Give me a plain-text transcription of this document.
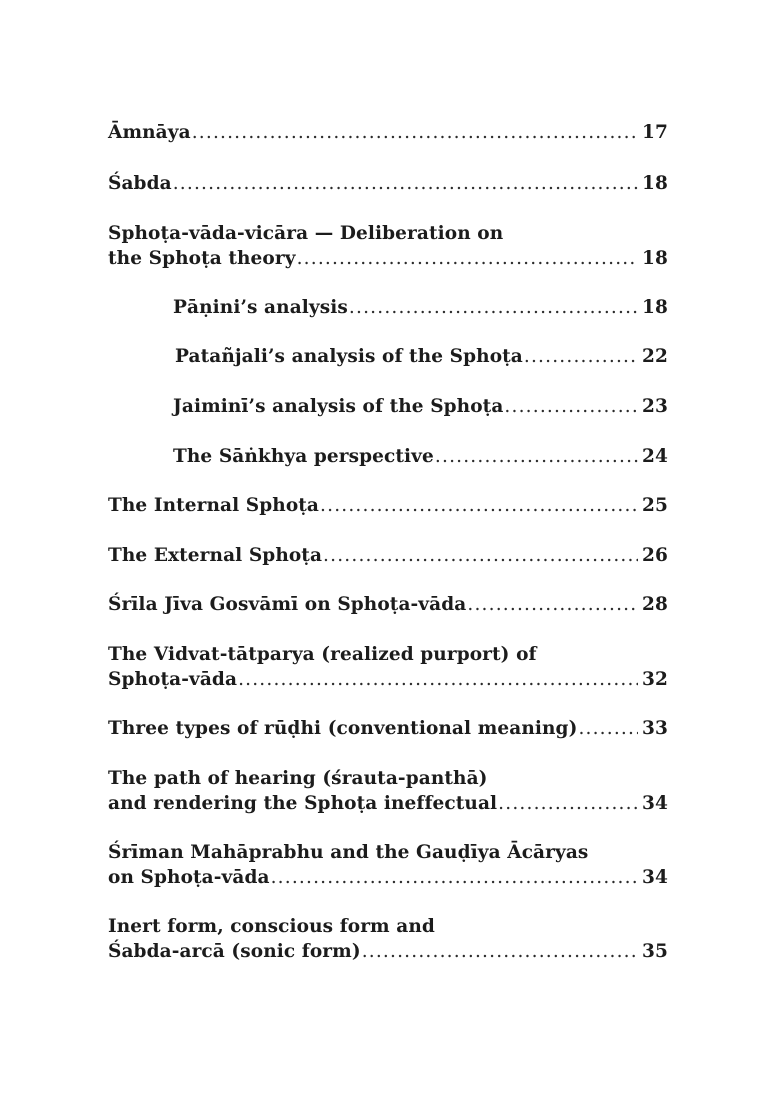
Āmnāya .....	17
Śabda .....	18
Sphoṭa-vāda-vicāra — Deliberation on
the Sphoṭa theory .....	18
Pāṇini’s analysis .....	18
Patañjali’s analysis of the Sphoṭa .....	22
Jaiminī’s analysis of the Sphoṭa .....	23
The Sāṅkhya perspective .....	24
The Internal Sphoṭa .....	25
The External Sphoṭa .....	26
Śrīla Jīva Gosvāmī on Sphoṭa-vāda .....	28
The Vidvat-tātparya (realized purport) of
Sphoṭa-vāda .....	32
Three types of rūḍhi (conventional meaning) .....	33
The path of hearing (śrauta-panthā)
and rendering the Sphoṭa ineffectual .....	34
Śrīman Mahāprabhu and the Gauḍīya Ācāryas
on Sphoṭa-vāda .....	34
Inert form, conscious form and
Śabda-arcā (sonic form) .....	35
